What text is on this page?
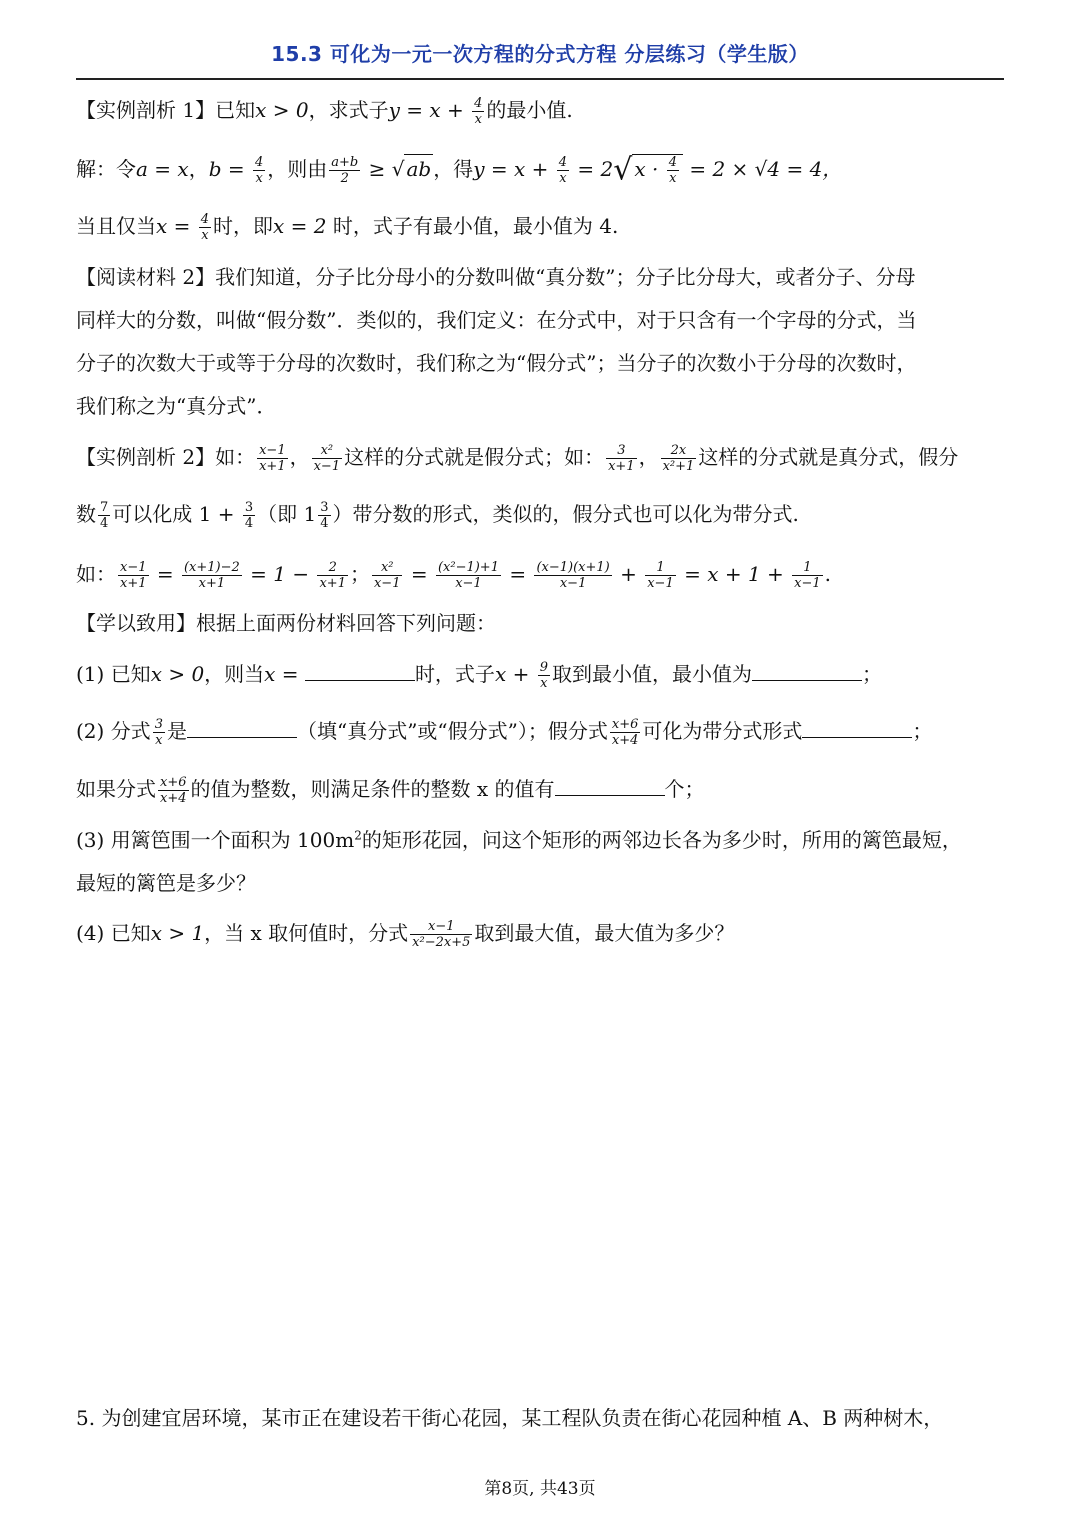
15.3 可化为一元一次方程的分式方程 分层练习（学生版）
【实例剖析 1】已知x > 0，求式子$y = x + \frac{4}{x}$ 的最小值.
解：令a = x，$b = \frac{4}{x}$ ，则由 $\frac{a+b}{2}$ ≥ √ ab ，得$y = x + \frac{4}{x} = 2√$ $x \cdot \frac{4}{x} = 2 \times √4 = 4$，
当且仅当$x = \frac{4}{x}$ 时，即x = 2 时，式子有最小值，最小值为 4.
【阅读材料 2】我们知道，分子比分母小的分数叫做“真分数”；分子比分母大，或者分子、分母
同样大的分数，叫做“假分数”．类似的，我们定义：在分式中，对于只含有一个字母的分式，当
分子的次数大于或等于分母的次数时，我们称之为“假分式”；当分子的次数小于分母的次数时，
我们称之为“真分式”．
【实例剖析 2】如： $\frac{x-1}{x+1}$ ， $\frac{\text{x²}}{x-1}$ 这样的分式就是假分式；如： $\frac{3}{x+1}$ ， $\frac{2x}{\text{x²+1}}$ 这样的分式就是真分式，假分
数 $\frac{7}{4}$ 可以化成 $1 + \frac{3}{4}$ （即 $1 \frac{3}{4}$ ）带分数的形式，类似的，假分式也可以化为带分式.
如： $\frac{x-1}{x+1} = \frac{(x+1)-2}{x+1} = 1 - \frac{2}{x+1}$ ； $\frac{\text{x²}}{x-1} = \frac{\text{(x²−1)+1}}{x-1} = \frac{(x-1)(x+1)}{x-1} + \frac{1}{x-1} = x + 1 + \frac{1}{x-1}$ .
【学以致用】根据上面两份材料回答下列问题：
(1) 已知x > 0，则当x =	时，式子$x + \frac{9}{x}$ 取到最小值，最小值为	；
(2) 分式 $\frac{3}{x}$ 是	（填“真分式”或“假分式”）；假分式 $\frac{x+6}{x+4}$ 可化为带分式形式	；
如果分式 $\frac{x+6}{x+4}$ 的值为整数，则满足条件的整数 x 的值有	个；
(3) 用篱笆围一个面积为 $100m^2$的矩形花园，问这个矩形的两邻边长各为多少时，所用的篱笆最短，
最短的篱笆是多少？
(4) 已知x > 1，当 x 取何值时，分式 $\frac{x-1}{\text{x²−2x+5}}$ 取到最大值，最大值为多少？
5. 为创建宜居环境，某市正在建设若干街心花园，某工程队负责在街心花园种植 A、B 两种树木，
第8页, 共43页
